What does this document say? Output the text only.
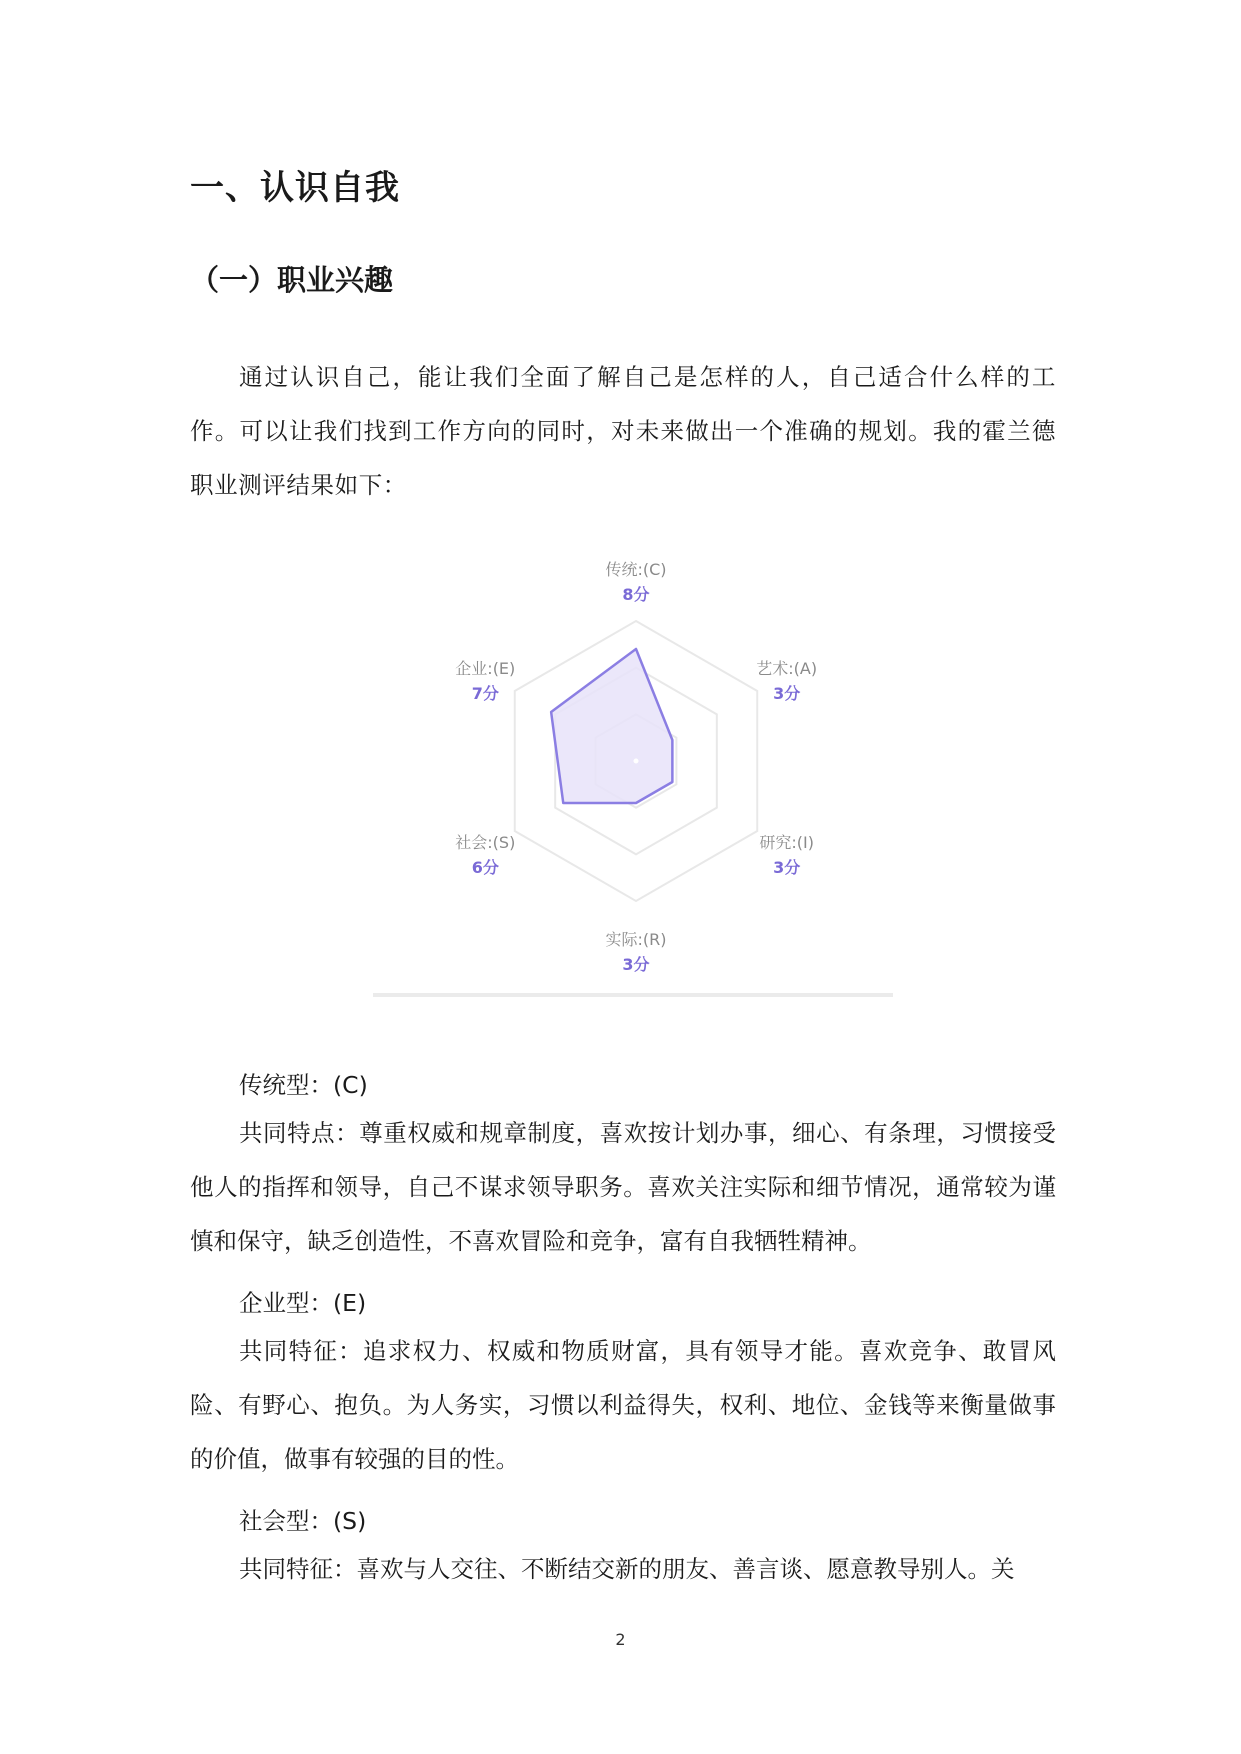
一、认识自我
（一）职业兴趣

通过认识自己，能让我们全面了解自己是怎样的人，自己适合什么样的工作。可以让我们找到工作方向的同时，对未来做出一个准确的规划。我的霍兰德职业测评结果如下：

传统:(C)
8分
艺术:(A)
3分
研究:(I)
3分
实际:(R)
3分
社会:(S)
6分
企业:(E)
7分
传统型：(C)

共同特点：尊重权威和规章制度，喜欢按计划办事，细心、有条理，习惯接受他人的指挥和领导，自己不谋求领导职务。喜欢关注实际和细节情况，通常较为谨慎和保守，缺乏创造性，不喜欢冒险和竞争，富有自我牺牲精神。

企业型：(E)

共同特征：追求权力、权威和物质财富，具有领导才能。喜欢竞争、敢冒风险、有野心、抱负。为人务实，习惯以利益得失，权利、地位、金钱等来衡量做事的价值，做事有较强的目的性。

社会型：(S)

共同特征：喜欢与人交往、不断结交新的朋友、善言谈、愿意教导别人。关

2
